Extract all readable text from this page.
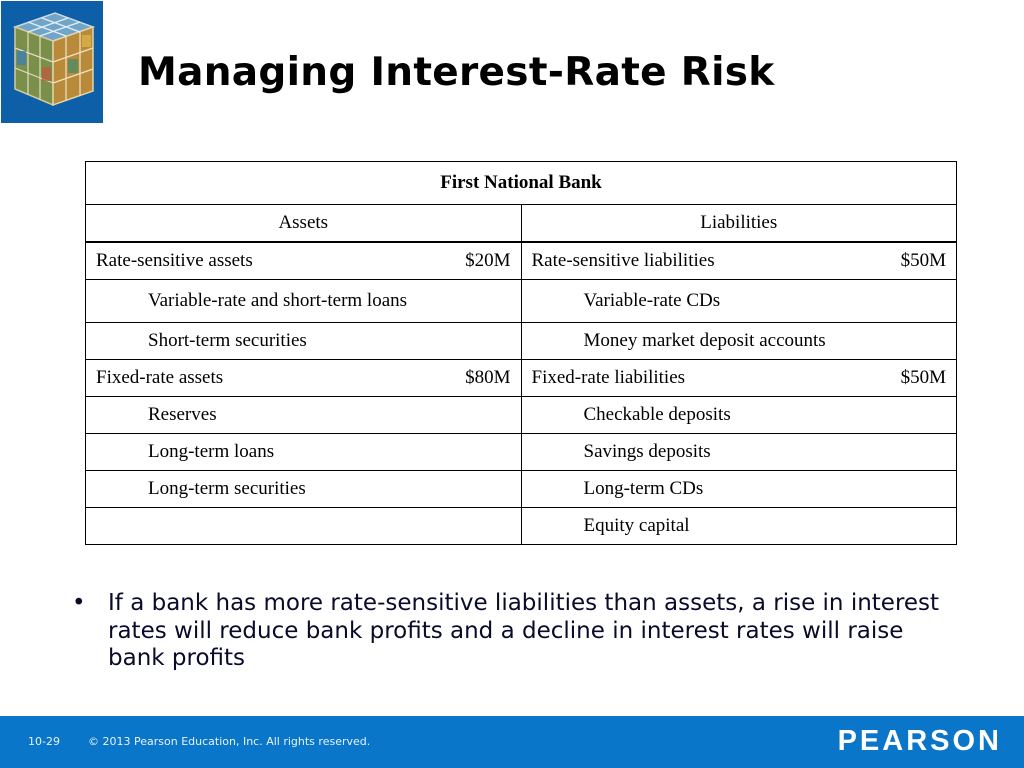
Managing Interest-Rate Risk
First National Bank	
Assets	Liabilities

Rate-sensitive assets $20M	Rate-sensitive liabilities $50M

Variable-rate and short-term loans	Variable-rate CDs
Short-term securities	Money market deposit accounts

Fixed-rate assets $80M	Fixed-rate liabilities $50M

Reserves	Checkable deposits
Long-term loans	Savings deposits
Long-term securities	Long-term CDs
	Equity capital
• If a bank has more rate-sensitive liabilities than assets, a rise in interest rates will reduce bank profits and a decline in interest rates will raise bank profits
10-29	© 2013 Pearson Education, Inc. All rights reserved.	PEARSON
